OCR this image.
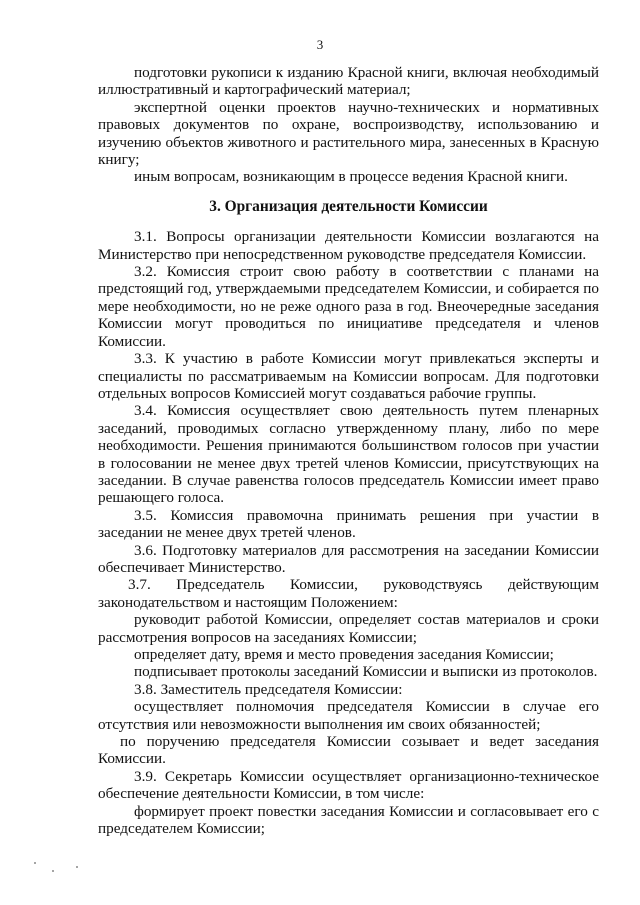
3

подготовки рукописи к изданию Красной книги, включая необходимый иллюстративный и картографический материал;

экспертной оценки проектов научно-технических и нормативных правовых документов по охране, воспроизводству, использованию и изучению объектов животного и растительного мира, занесенных в Красную книгу;

иным вопросам, возникающим в процессе ведения Красной книги.

3. Организация деятельности Комиссии

3.1. Вопросы организации деятельности Комиссии возлагаются на Министерство при непосредственном руководстве председателя Комиссии.

3.2. Комиссия строит свою работу в соответствии с планами на предстоящий год, утверждаемыми председателем Комиссии, и собирается по мере необходимости, но не реже одного раза в год. Внеочередные заседания Комиссии могут проводиться по инициативе председателя и членов Комиссии.

3.3. К участию в работе Комиссии могут привлекаться эксперты и специалисты по рассматриваемым на Комиссии вопросам. Для подготовки отдельных вопросов Комиссией могут создаваться рабочие группы.

3.4. Комиссия осуществляет свою деятельность путем пленарных заседаний, проводимых согласно утвержденному плану, либо по мере необходимости. Решения принимаются большинством голосов при участии в голосовании не менее двух третей членов Комиссии, присутствующих на заседании. В случае равенства голосов председатель Комиссии имеет право решающего голоса.

3.5. Комиссия правомочна принимать решения при участии в заседании не менее двух третей членов.

3.6. Подготовку материалов для рассмотрения на заседании Комиссии обеспечивает Министерство.

3.7. Председатель Комиссии, руководствуясь действующим

законодательством и настоящим Положением:

руководит работой Комиссии, определяет состав материалов и сроки рассмотрения вопросов на заседаниях Комиссии;

определяет дату, время и место проведения заседания Комиссии;

подписывает протоколы заседаний Комиссии и выписки из протоколов.

3.8. Заместитель председателя Комиссии:

осуществляет полномочия председателя Комиссии в случае его отсутствия или невозможности выполнения им своих обязанностей;

по поручению председателя Комиссии созывает и ведет заседания Комиссии.

3.9. Секретарь Комиссии осуществляет организационно-техническое обеспечение деятельности Комиссии, в том числе:

формирует проект повестки заседания Комиссии и согласовывает его с председателем Комиссии;
